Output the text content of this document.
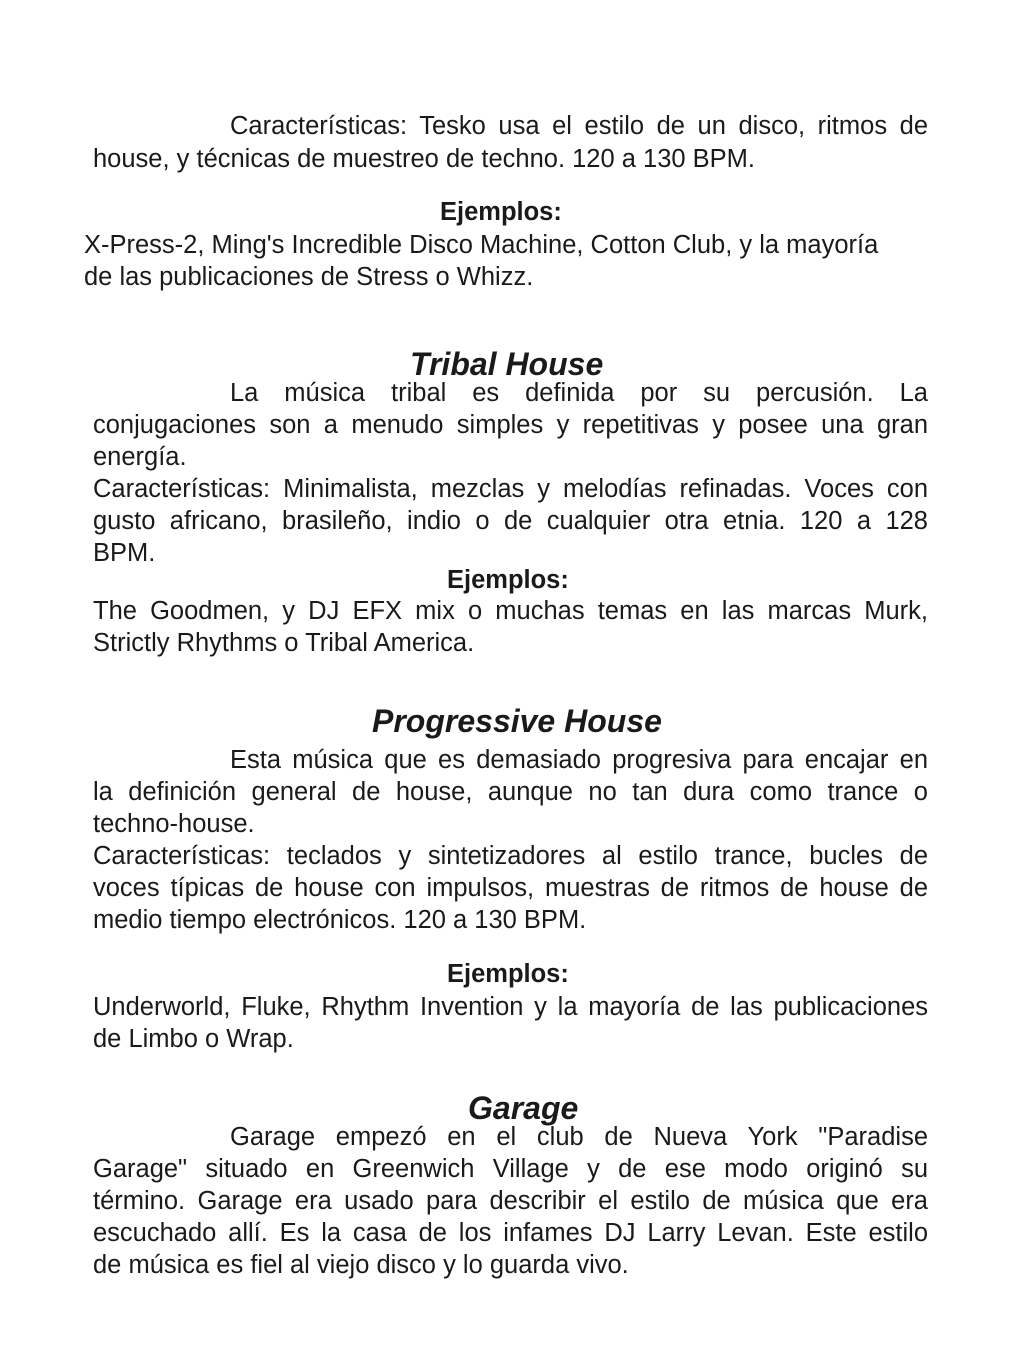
Características: Tesko usa el estilo de un disco, ritmos de

house, y técnicas de muestreo de techno. 120 a 130 BPM.

Ejemplos:

X-Press-2, Ming's Incredible Disco Machine, Cotton Club, y la mayoría

de las publicaciones de Stress o Whizz.

Tribal House

La música tribal es definida por su percusión. La

conjugaciones son a menudo simples y repetitivas y posee una gran

energía.

Características: Minimalista, mezclas y melodías refinadas. Voces con

gusto africano, brasileño, indio o de cualquier otra etnia. 120 a 128

BPM.

Ejemplos:

The Goodmen, y DJ EFX mix o muchas temas en las marcas Murk,

Strictly Rhythms o Tribal America.

Progressive House

Esta música que es demasiado progresiva para encajar en

la definición general de house, aunque no tan dura como trance o

techno-house.

Características: teclados y sintetizadores al estilo trance, bucles de

voces típicas de house con impulsos, muestras de ritmos de house de

medio tiempo electrónicos. 120 a 130 BPM.

Ejemplos:

Underworld, Fluke, Rhythm Invention y la mayoría de las publicaciones

de Limbo o Wrap.

Garage

Garage empezó en el club de Nueva York "Paradise

Garage" situado en Greenwich Village y de ese modo originó su

término. Garage era usado para describir el estilo de música que era

escuchado allí. Es la casa de los infames DJ Larry Levan. Este estilo

de música es fiel al viejo disco y lo guarda vivo.
